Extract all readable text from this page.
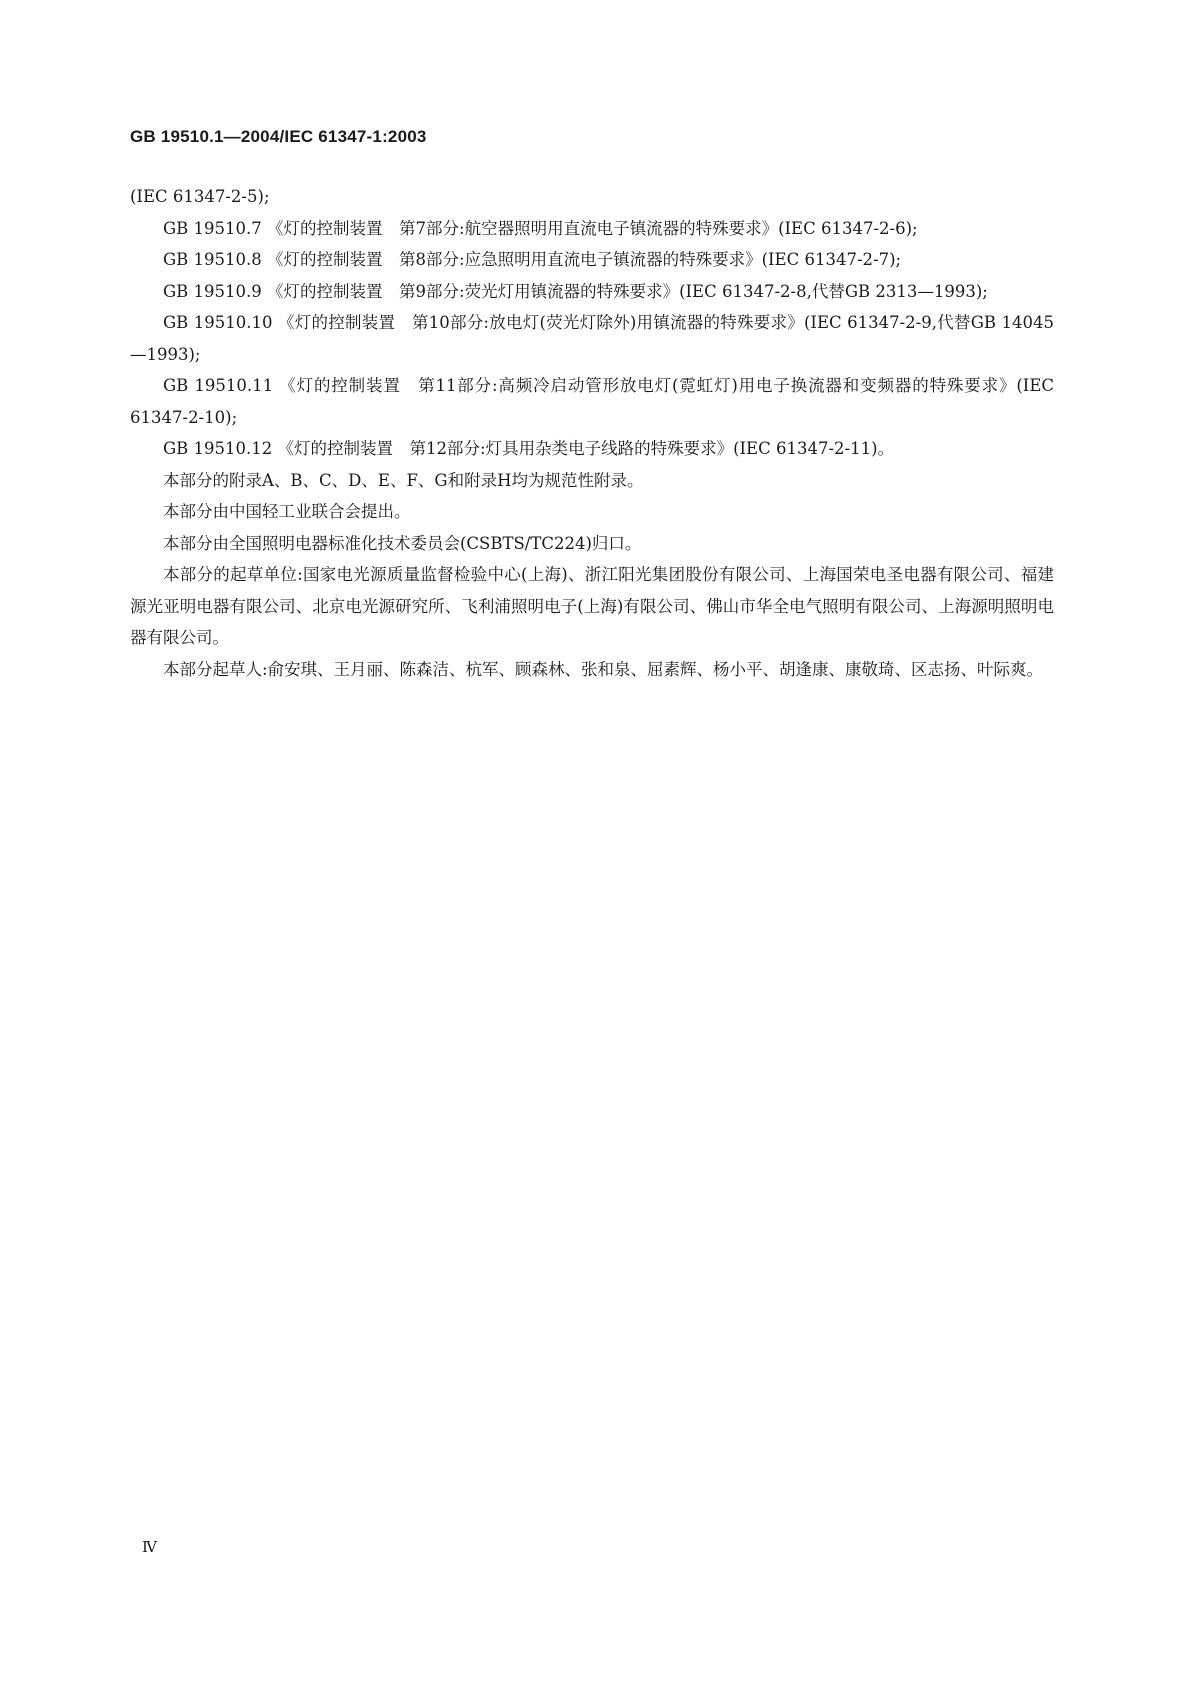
GB 19510.1—2004/IEC 61347-1:2003

(IEC 61347-2-5);

GB 19510.7 《灯的控制装置　第7部分:航空器照明用直流电子镇流器的特殊要求》(IEC 61347-2-6);

GB 19510.8 《灯的控制装置　第8部分:应急照明用直流电子镇流器的特殊要求》(IEC 61347-2-7);

GB 19510.9 《灯的控制装置　第9部分:荧光灯用镇流器的特殊要求》(IEC 61347-2-8,代替GB 2313—1993);

GB 19510.10 《灯的控制装置　第10部分:放电灯(荧光灯除外)用镇流器的特殊要求》(IEC 61347-2-9,代替GB 14045—1993);

GB 19510.11 《灯的控制装置　第11部分:高频冷启动管形放电灯(霓虹灯)用电子换流器和变频器的特殊要求》(IEC 61347-2-10);

GB 19510.12 《灯的控制装置　第12部分:灯具用杂类电子线路的特殊要求》(IEC 61347-2-11)。

本部分的附录A、B、C、D、E、F、G和附录H均为规范性附录。

本部分由中国轻工业联合会提出。

本部分由全国照明电器标准化技术委员会(CSBTS/TC224)归口。

本部分的起草单位:国家电光源质量监督检验中心(上海)、浙江阳光集团股份有限公司、上海国荣电圣电器有限公司、福建源光亚明电器有限公司、北京电光源研究所、飞利浦照明电子(上海)有限公司、佛山市华全电气照明有限公司、上海源明照明电器有限公司。

本部分起草人:俞安琪、王月丽、陈森洁、杭军、顾森林、张和泉、屈素辉、杨小平、胡逢康、康敬琦、区志扬、叶际爽。

Ⅳ
